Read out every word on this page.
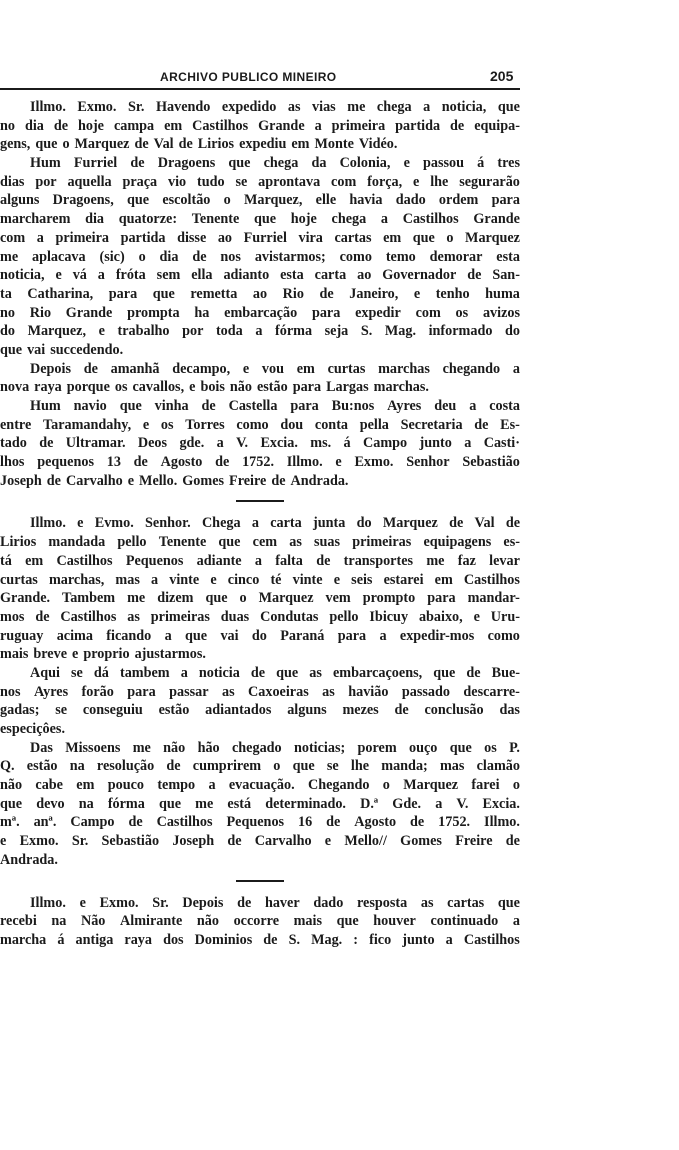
ARCHIVO PUBLICO MINEIRO	205
Illmo. Exmo. Sr. Havendo expedido as vias me chega a noticia, que
no dia de hoje campa em Castilhos Grande a primeira partida de equipa-
gens, que o Marquez de Val de Lirios expediu em Monte Vidéo.
Hum Furriel de Dragoens que chega da Colonia, e passou á tres
dias por aquella praça vio tudo se aprontava com força, e lhe segurarão
alguns Dragoens, que escoltão o Marquez, elle havia dado ordem para
marcharem dia quatorze: Tenente que hoje chega a Castilhos Grande
com a primeira partida disse ao Furriel vira cartas em que o Marquez
me aplacava (sic) o dia de nos avistarmos; como temo demorar esta
noticia, e vá a fróta sem ella adianto esta carta ao Governador de San-
ta Catharina, para que remetta ao Rio de Janeiro, e tenho huma
no Rio Grande prompta ha embarcação para expedir com os avizos
do Marquez, e trabalho por toda a fórma seja S. Mag. informado do
que vai succedendo.
Depois de amanhã decampo, e vou em curtas marchas chegando a
nova raya porque os cavallos, e bois não estão para Largas marchas.
Hum navio que vinha de Castella para Bu:nos Ayres deu a costa
entre Taramandahy, e os Torres como dou conta pella Secretaria de Es-
tado de Ultramar. Deos gde. a V. Excia. ms. á Campo junto a Casti·
lhos pequenos 13 de Agosto de 1752. Illmo. e Exmo. Senhor Sebastião
Joseph de Carvalho e Mello. Gomes Freire de Andrada.
Illmo. e Evmo. Senhor. Chega a carta junta do Marquez de Val de
Lirios mandada pello Tenente que cem as suas primeiras equipagens es-
tá em Castilhos Pequenos adiante a falta de transportes me faz levar
curtas marchas, mas a vinte e cinco té vinte e seis estarei em Castilhos
Grande. Tambem me dizem que o Marquez vem prompto para mandar-
mos de Castilhos as primeiras duas Condutas pello Ibicuy abaixo, e Uru-
ruguay acima ficando a que vai do Paraná para a expedir-mos como
mais breve e proprio ajustarmos.
Aqui se dá tambem a noticia de que as embarcaçoens, que de Bue-
nos Ayres forão para passar as Caxoeiras as havião passado descarre-
gadas; se conseguiu estão adiantados alguns mezes de conclusão das
especiçôes.
Das Missoens me não hão chegado noticias; porem ouço que os P.
Q. estão na resolução de cumprirem o que se lhe manda; mas clamão
não cabe em pouco tempo a evacuação. Chegando o Marquez farei o
que devo na fórma que me está determinado. D.ª Gde. a V. Excia.
mª. anª. Campo de Castilhos Pequenos 16 de Agosto de 1752. Illmo.
e Exmo. Sr. Sebastião Joseph de Carvalho e Mello// Gomes Freire de
Andrada.
Illmo. e Exmo. Sr. Depois de haver dado resposta as cartas que
recebi na Não Almirante não occorre mais que houver continuado a
marcha á antiga raya dos Dominios de S. Mag. : fico junto a Castilhos
